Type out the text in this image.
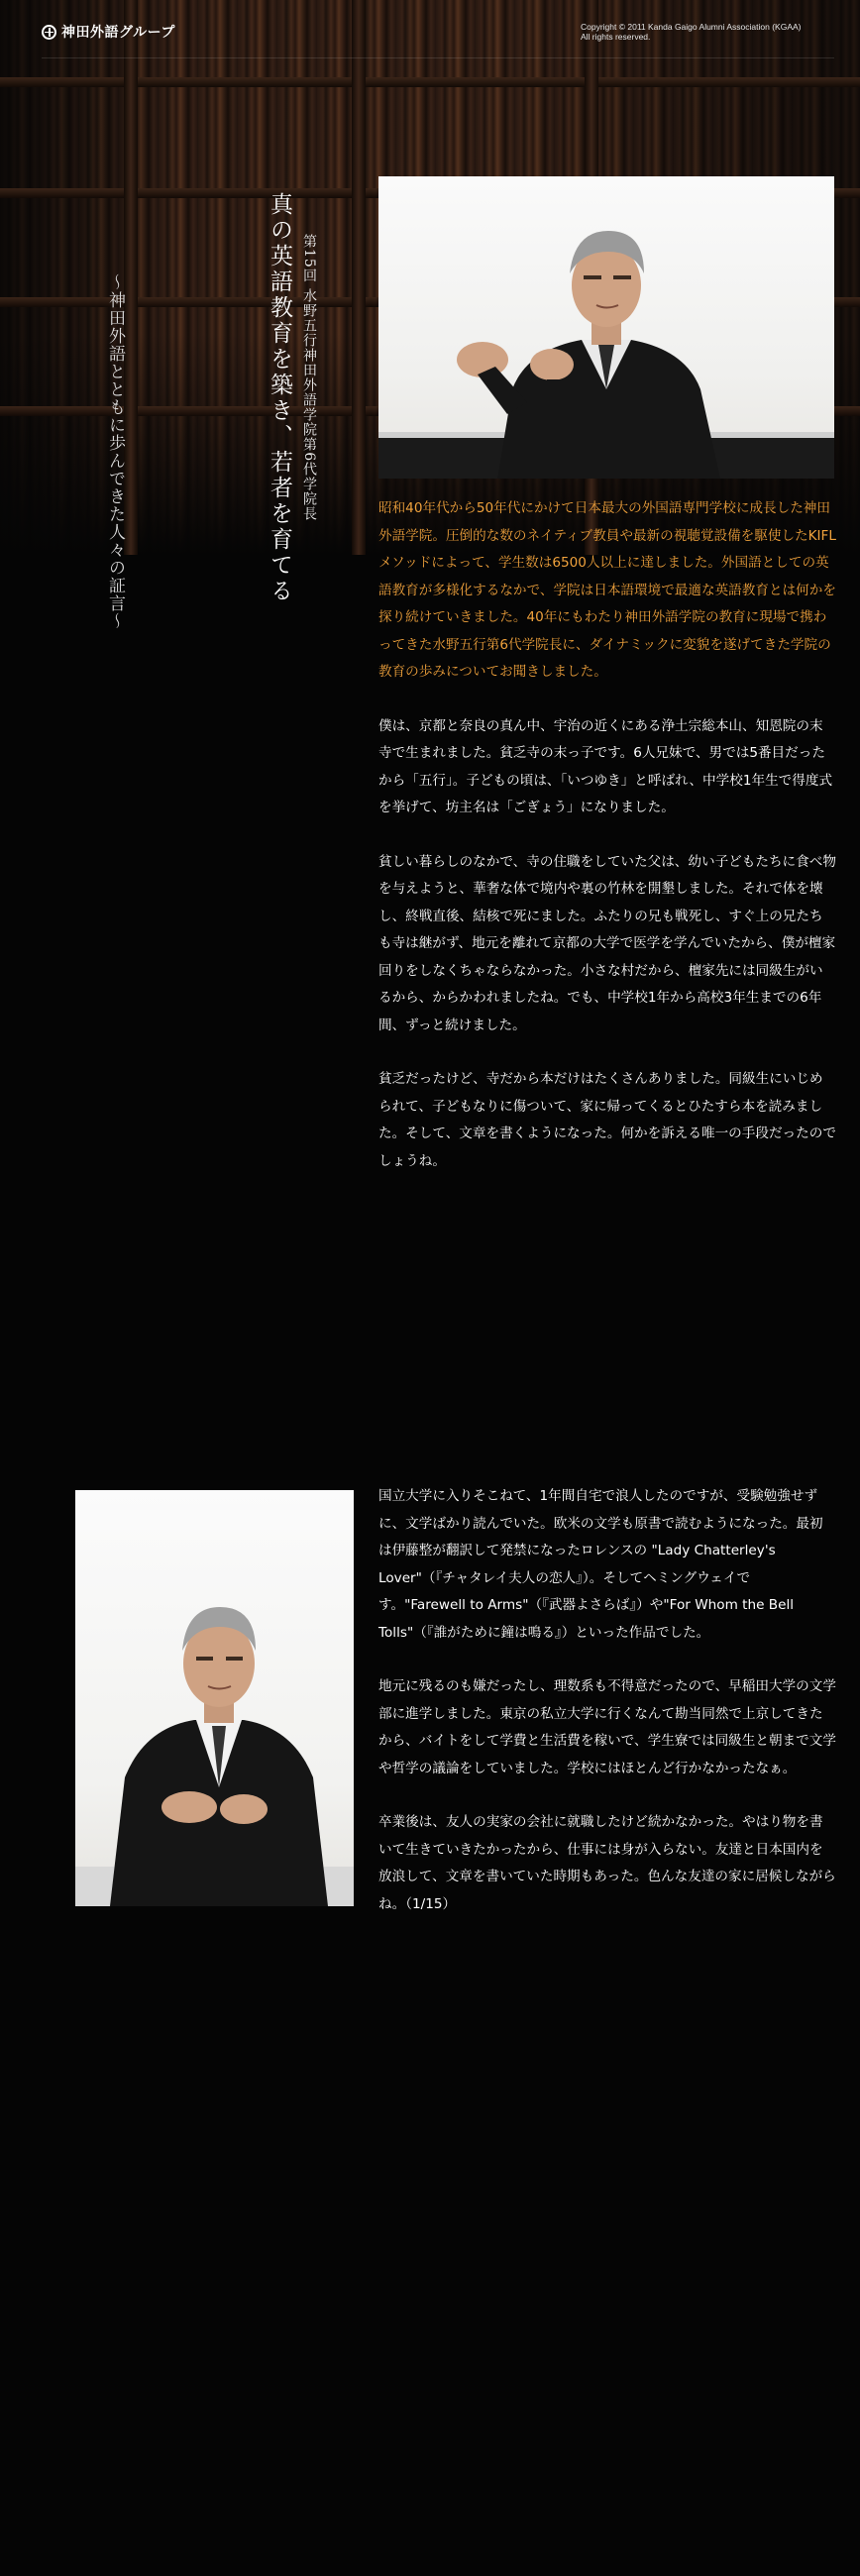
神田外語グループ	Copyright © 2011 Kanda Gaigo Alumni Association (KGAA)
All rights reserved.
～神田外語とともに歩んできた人々の証言～	真の英語教育を築き、若者を育てる 第15回 水野五行神田外語学院第6代学院長	昭和40年代から50年代にかけて日本最大の外国語専門学校に成長した神田外語学院。圧倒的な数のネイティブ教員や最新の視聴覚設備を駆使したKIFLメソッドによって、学生数は6500人以上に達しました。外国語としての英語教育が多様化するなかで、学院は日本語環境で最適な英語教育とは何かを探り続けていきました。40年にもわたり神田外語学院の教育に現場で携わってきた水野五行第6代学院長に、ダイナミックに変貌を遂げてきた学院の教育の歩みについてお聞きしました。

僕は、京都と奈良の真ん中、宇治の近くにある浄土宗総本山、知恩院の末寺で生まれました。貧乏寺の末っ子です。6人兄妹で、男では5番目だったから「五行」。子どもの頃は、「いつゆき」と呼ばれ、中学校1年生で得度式を挙げて、坊主名は「ごぎょう」になりました。

貧しい暮らしのなかで、寺の住職をしていた父は、幼い子どもたちに食べ物を与えようと、華奢な体で境内や裏の竹林を開墾しました。それで体を壊し、終戦直後、結核で死にました。ふたりの兄も戦死し、すぐ上の兄たちも寺は継がず、地元を離れて京都の大学で医学を学んでいたから、僕が檀家回りをしなくちゃならなかった。小さな村だから、檀家先には同級生がいるから、からかわれましたね。でも、中学校1年から高校3年生までの6年間、ずっと続けました。

貧乏だったけど、寺だから本だけはたくさんありました。同級生にいじめられて、子どもなりに傷ついて、家に帰ってくるとひたすら本を読みました。そして、文章を書くようになった。何かを訴える唯一の手段だったのでしょうね。

国立大学に入りそこねて、1年間自宅で浪人したのですが、受験勉強せずに、文学ばかり読んでいた。欧米の文学も原書で読むようになった。最初は伊藤整が翻訳して発禁になったロレンスの "Lady Chatterley's Lover"（『チャタレイ夫人の恋人』）。そしてヘミングウェイです。"Farewell to Arms"（『武器よさらば』）や"For Whom the Bell Tolls"（『誰がために鐘は鳴る』）といった作品でした。

地元に残るのも嫌だったし、理数系も不得意だったので、早稲田大学の文学部に進学しました。東京の私立大学に行くなんて勘当同然で上京してきたから、バイトをして学費と生活費を稼いで、学生寮では同級生と朝まで文学や哲学の議論をしていました。学校にはほとんど行かなかったなぁ。

卒業後は、友人の実家の会社に就職したけど続かなかった。やはり物を書いて生きていきたかったから、仕事には身が入らない。友達と日本国内を放浪して、文章を書いていた時期もあった。色んな友達の家に居候しながらね。（1/15）
